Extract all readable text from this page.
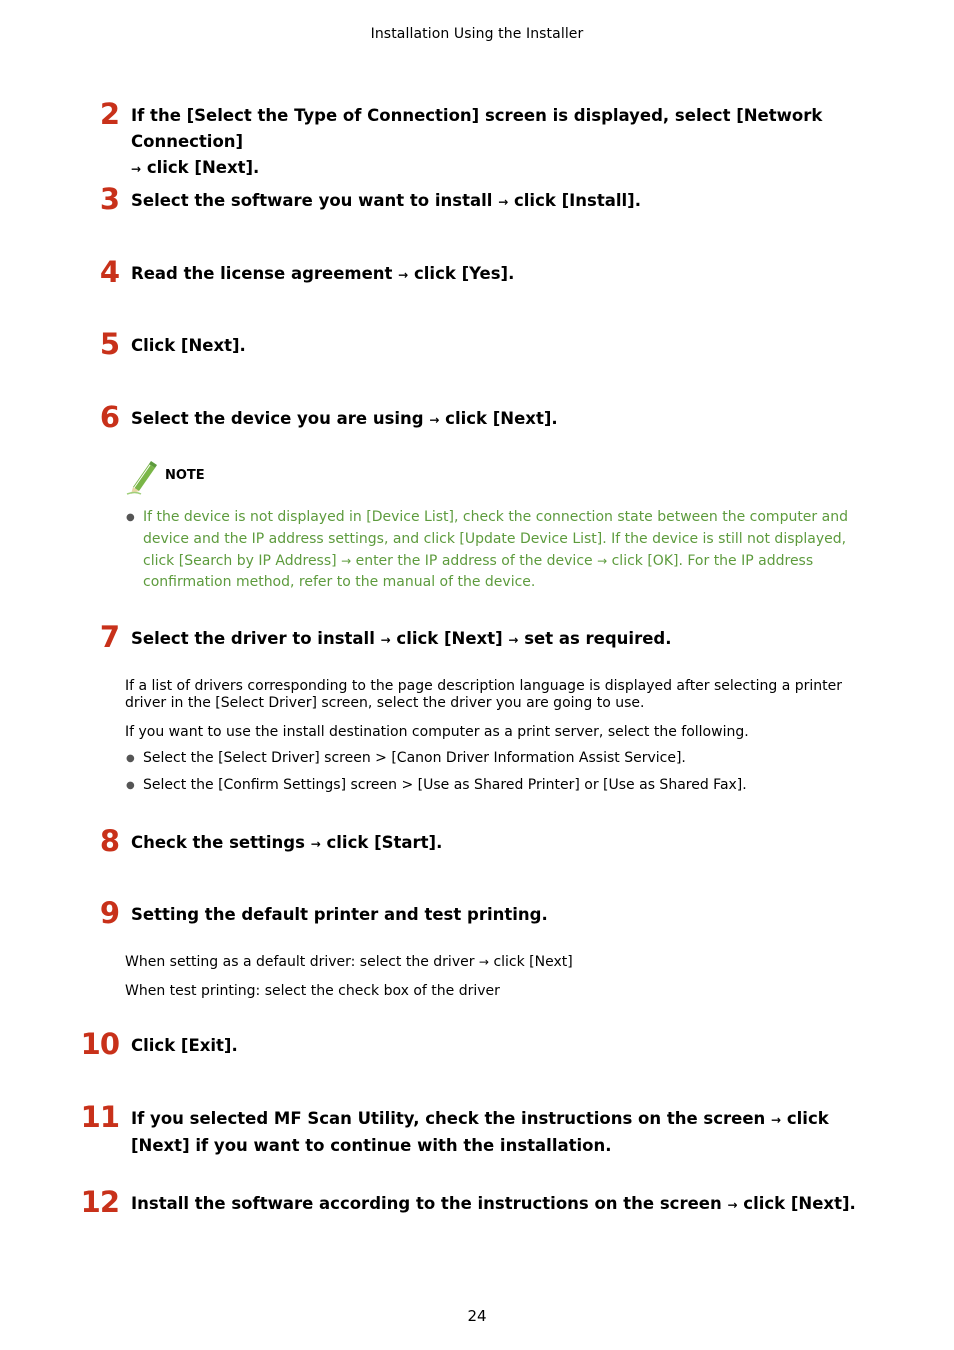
Installation Using the Installer
2 If the [Select the Type of Connection] screen is displayed, select [Network Connection]
→ click [Next].
3 Select the software you want to install → click [Install].
4 Read the license agreement → click [Yes].
5 Click [Next].
6 Select the device you are using → click [Next].
NOTE
● If the device is not displayed in [Device List], check the connection state between the computer and device and the IP address settings, and click [Update Device List]. If the device is still not displayed, click [Search by IP Address] → enter the IP address of the device → click [OK]. For the IP address confirmation method, refer to the manual of the device.
7 Select the driver to install → click [Next] → set as required.
If a list of drivers corresponding to the page description language is displayed after selecting a printer driver in the [Select Driver] screen, select the driver you are going to use.
If you want to use the install destination computer as a print server, select the following.
● Select the [Select Driver] screen > [Canon Driver Information Assist Service].
● Select the [Confirm Settings] screen > [Use as Shared Printer] or [Use as Shared Fax].
8 Check the settings → click [Start].
9 Setting the default printer and test printing.
When setting as a default driver: select the driver → click [Next]
When test printing: select the check box of the driver
10 Click [Exit].
11 If you selected MF Scan Utility, check the instructions on the screen → click [Next] if you want to continue with the installation.
12 Install the software according to the instructions on the screen → click [Next].
24
